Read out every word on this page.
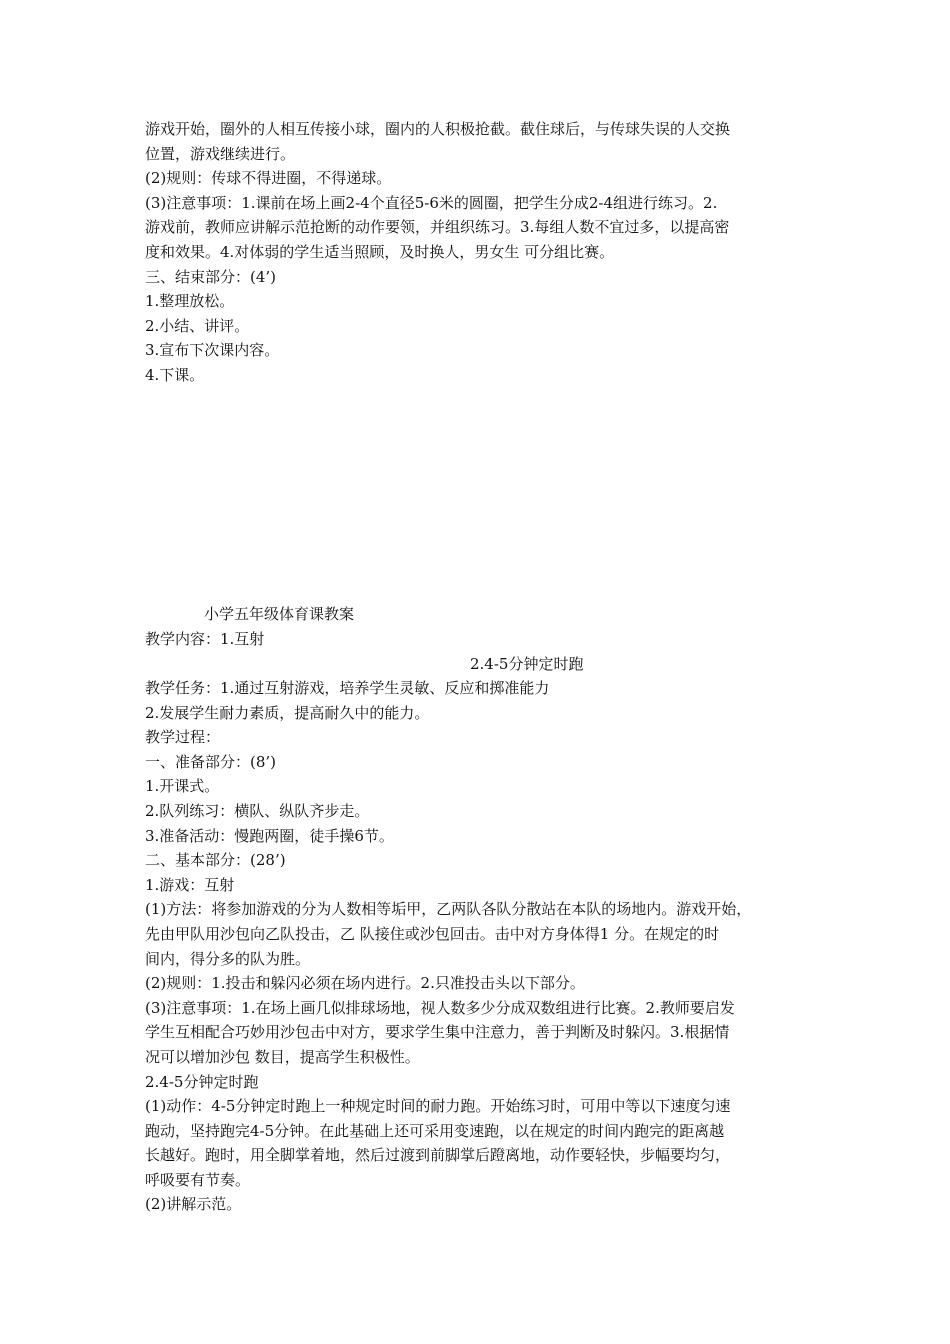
游戏开始，圈外的人相互传接小球，圈内的人积极抢截。截住球后，与传球失误的人交换
位置，游戏继续进行。
(2)规则：传球不得进圈，不得递球。
(3)注意事项：1.课前在场上画2-4个直径5-6米的圆圈，把学生分成2-4组进行练习。2.
游戏前，教师应讲解示范抢断的动作要领，并组织练习。3.每组人数不宜过多，以提高密
度和效果。4.对体弱的学生适当照顾，及时换人，男女生 可分组比赛。
三、结束部分：(4’)
1.整理放松。
2.小结、讲评。
3.宣布下次课内容。
4.下课。
小学五年级体育课教案
教学内容：1.互射
2.4-5分钟定时跑
教学任务：1.通过互射游戏，培养学生灵敏、反应和掷准能力
2.发展学生耐力素质，提高耐久中的能力。
教学过程：
一、准备部分：(8’)
1.开课式。
2.队列练习：横队、纵队齐步走。
3.准备活动：慢跑两圈，徒手操6节。
二、基本部分：(28’)
1.游戏：互射
(1)方法：将参加游戏的分为人数相等垢甲，乙两队各队分散站在本队的场地内。游戏开始，
先由甲队用沙包向乙队投击，乙 队接住或沙包回击。击中对方身体得1 分。在规定的时
间内，得分多的队为胜。
(2)规则：1.投击和躲闪必须在场内进行。2.只准投击头以下部分。
(3)注意事项：1.在场上画几似排球场地，视人数多少分成双数组进行比赛。2.教师要启发
学生互相配合巧妙用沙包击中对方，要求学生集中注意力，善于判断及时躲闪。3.根据情
况可以增加沙包 数目，提高学生积极性。
2.4-5分钟定时跑
(1)动作：4-5分钟定时跑上一种规定时间的耐力跑。开始练习时，可用中等以下速度匀速
跑动，坚持跑完4-5分钟。在此基础上还可采用变速跑，以在规定的时间内跑完的距离越
长越好。跑时，用全脚掌着地，然后过渡到前脚掌后蹬离地，动作要轻快，步幅要均匀，
呼吸要有节奏。
(2)讲解示范。
